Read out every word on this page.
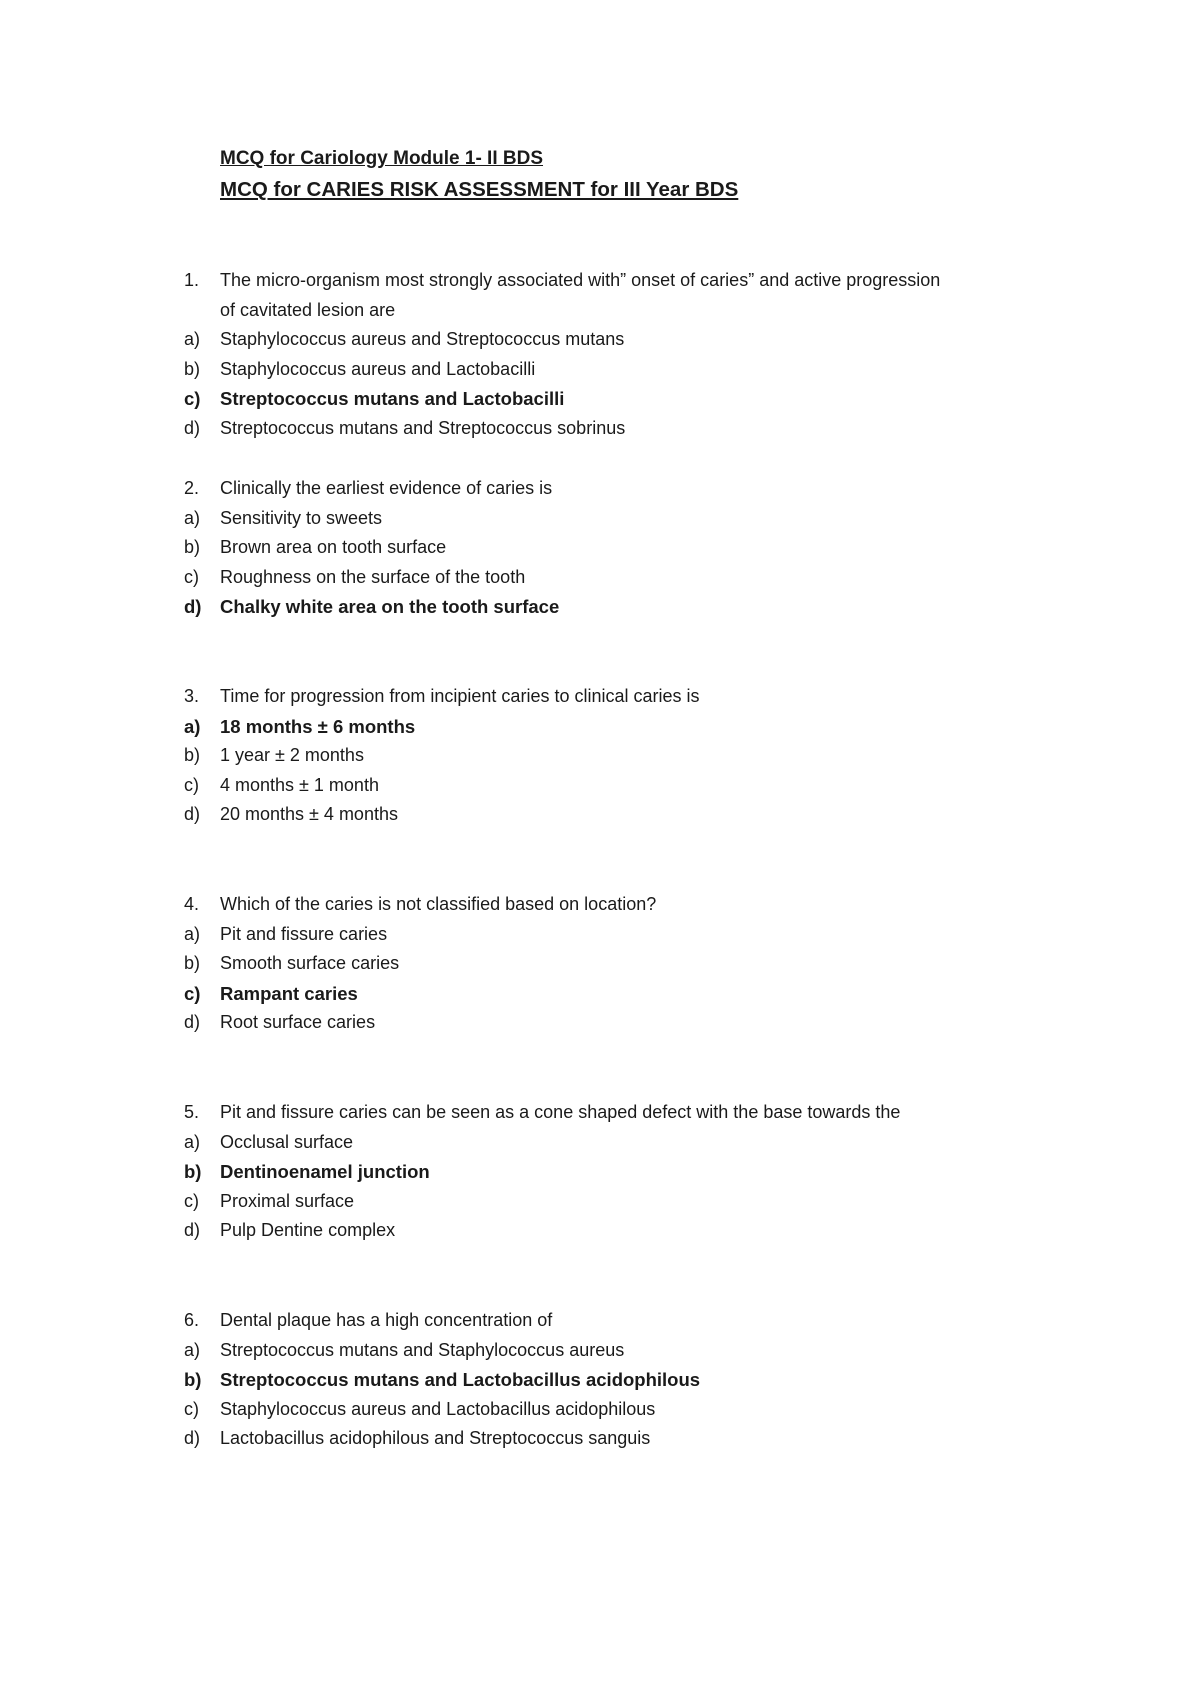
MCQ for Cariology Module 1- II BDS
MCQ for CARIES RISK ASSESSMENT for III Year BDS
1. The micro-organism most strongly associated with” onset of caries” and active progression
of cavitated lesion are
a) Staphylococcus aureus and Streptococcus mutans
b) Staphylococcus aureus and Lactobacilli
c) Streptococcus mutans and Lactobacilli
d) Streptococcus mutans and Streptococcus sobrinus
2. Clinically the earliest evidence of caries is
a) Sensitivity to sweets
b) Brown area on tooth surface
c) Roughness on the surface of the tooth
d) Chalky white area on the tooth surface
3. Time for progression from incipient caries to clinical caries is
a) 18 months ± 6 months
b) 1 year ± 2 months
c) 4 months ± 1 month
d) 20 months ± 4 months
4. Which of the caries is not classified based on location?
a) Pit and fissure caries
b) Smooth surface caries
c) Rampant caries
d) Root surface caries
5. Pit and fissure caries can be seen as a cone shaped defect with the base towards the
a) Occlusal surface
b) Dentinoenamel junction
c) Proximal surface
d) Pulp Dentine complex
6. Dental plaque has a high concentration of
a) Streptococcus mutans and Staphylococcus aureus
b) Streptococcus mutans and Lactobacillus acidophilous
c) Staphylococcus aureus and Lactobacillus acidophilous
d) Lactobacillus acidophilous and Streptococcus sanguis
